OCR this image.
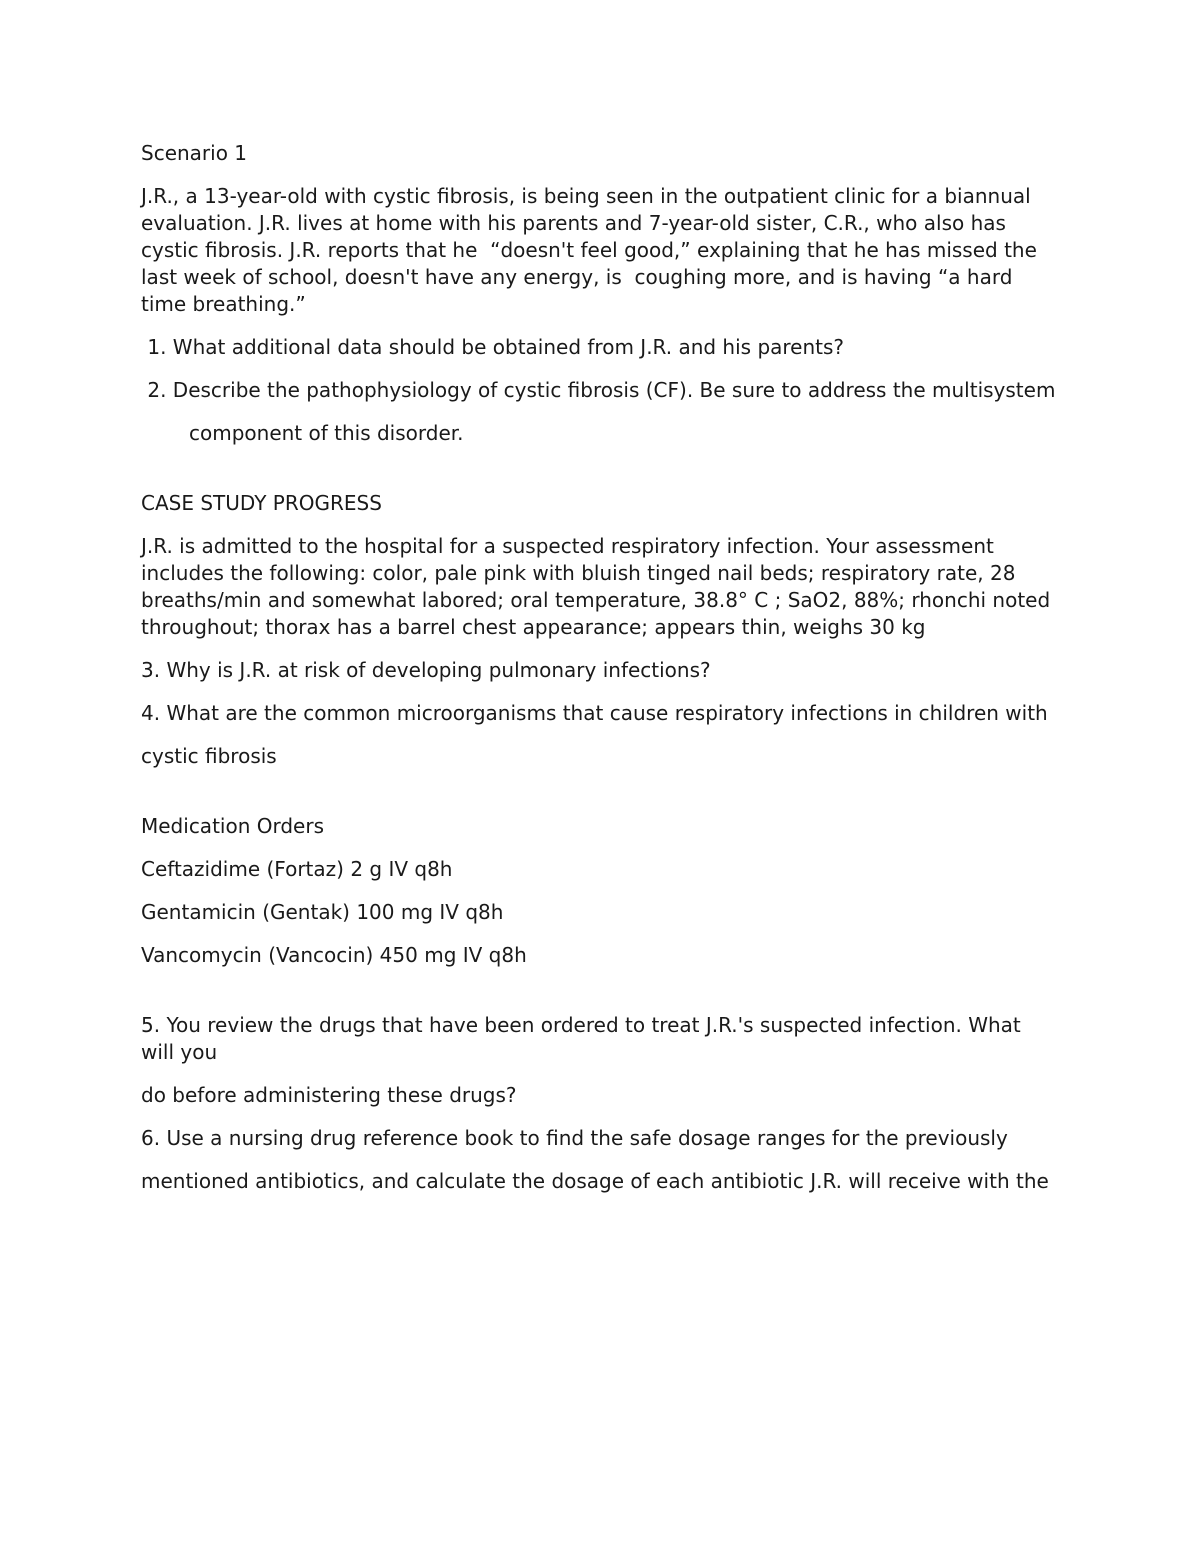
Scenario 1

J.R., a 13-year-old with cystic fibrosis, is being seen in the outpatient clinic for a biannual evaluation. J.R. lives at home with his parents and 7-year-old sister, C.R., who also has cystic fibrosis. J.R. reports that he  “doesn't feel good,” explaining that he has missed the last week of school, doesn't have any energy, is  coughing more, and is having “a hard time breathing.”

1. What additional data should be obtained from J.R. and his parents?

2. Describe the pathophysiology of cystic fibrosis (CF). Be sure to address the multisystem

component of this disorder.

CASE STUDY PROGRESS

J.R. is admitted to the hospital for a suspected respiratory infection. Your assessment includes the following: color, pale pink with bluish tinged nail beds; respiratory rate, 28 breaths/min and somewhat labored; oral temperature, 38.8° C ; SaO2, 88%; rhonchi noted throughout; thorax has a barrel chest appearance; appears thin, weighs 30 kg

3. Why is J.R. at risk of developing pulmonary infections?

4. What are the common microorganisms that cause respiratory infections in children with

cystic fibrosis

Medication Orders

Ceftazidime (Fortaz) 2 g IV q8h

Gentamicin (Gentak) 100 mg IV q8h

Vancomycin (Vancocin) 450 mg IV q8h

5. You review the drugs that have been ordered to treat J.R.'s suspected infection. What will you

do before administering these drugs?

6. Use a nursing drug reference book to find the safe dosage ranges for the previously

mentioned antibiotics, and calculate the dosage of each antibiotic J.R. will receive with the
